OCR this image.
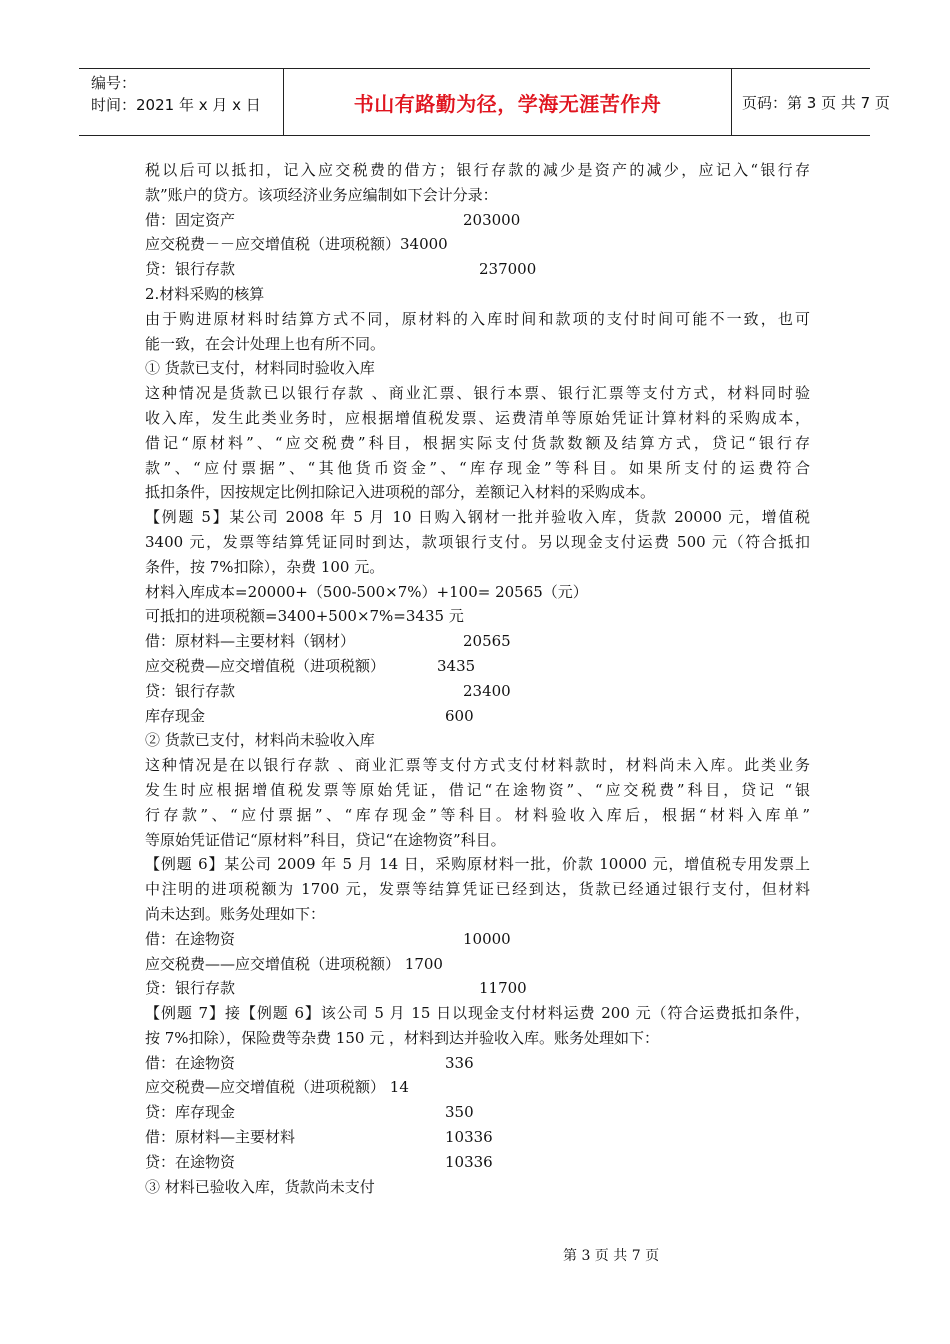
编号：
时间：2021 年 x 月 x 日	书山有路勤为径，学海无涯苦作舟	页码：第 3 页 共 7 页
税以后可以抵扣，记入应交税费的借方；银行存款的减少是资产的减少，应记入“银行存
款”账户的贷方。该项经济业务应编制如下会计分录：
借：固定资产	203000
应交税费－－应交增值税（进项税额）34000
贷：银行存款	237000
2.材料采购的核算
由于购进原材料时结算方式不同，原材料的入库时间和款项的支付时间可能不一致，也可
能一致，在会计处理上也有所不同。
① 货款已支付，材料同时验收入库
这种情况是货款已以银行存款 、商业汇票、银行本票、银行汇票等支付方式，材料同时验
收入库，发生此类业务时，应根据增值税发票、运费清单等原始凭证计算材料的采购成本，
借记“原材料”、“应交税费”科目，根据实际支付货款数额及结算方式，贷记“银行存
款”、“应付票据”、“其他货币资金”、“库存现金”等科目。如果所支付的运费符合
抵扣条件，因按规定比例扣除记入进项税的部分，差额记入材料的采购成本。
【例题 5】某公司 2008 年 5 月 10 日购入钢材一批并验收入库，货款 20000 元，增值税
3400 元，发票等结算凭证同时到达，款项银行支付。另以现金支付运费 500 元（符合抵扣
条件，按 7%扣除），杂费 100 元。
材料入库成本=20000+（500-500×7%）+100= 20565（元）
可抵扣的进项税额=3400+500×7%=3435 元
借：原材料—主要材料（钢材）	20565
应交税费—应交增值税（进项税额）	3435
贷：银行存款	23400
库存现金	600
② 货款已支付，材料尚未验收入库
这种情况是在以银行存款 、商业汇票等支付方式支付材料款时，材料尚未入库。此类业务
发生时应根据增值税发票等原始凭证，借记“在途物资”、“应交税费”科目，贷记 “银
行存款”、“应付票据”、“库存现金”等科目。材料验收入库后，根据“材料入库单”
等原始凭证借记“原材料”科目，贷记“在途物资”科目。
【例题 6】某公司 2009 年 5 月 14 日，采购原材料一批，价款 10000 元，增值税专用发票上
中注明的进项税额为 1700 元，发票等结算凭证已经到达，货款已经通过银行支付，但材料
尚未达到。账务处理如下：
借：在途物资	10000
应交税费——应交增值税（进项税额） 1700
贷：银行存款	11700
【例题 7】接【例题 6】该公司 5 月 15 日以现金支付材料运费 200 元（符合运费抵扣条件，
按 7%扣除），保险费等杂费 150 元 ，材料到达并验收入库。账务处理如下：
借：在途物资	336
应交税费—应交增值税（进项税额） 14
贷：库存现金	350
借：原材料—主要材料	10336
贷：在途物资	10336
③ 材料已验收入库，货款尚未支付
第 3 页 共 7 页
